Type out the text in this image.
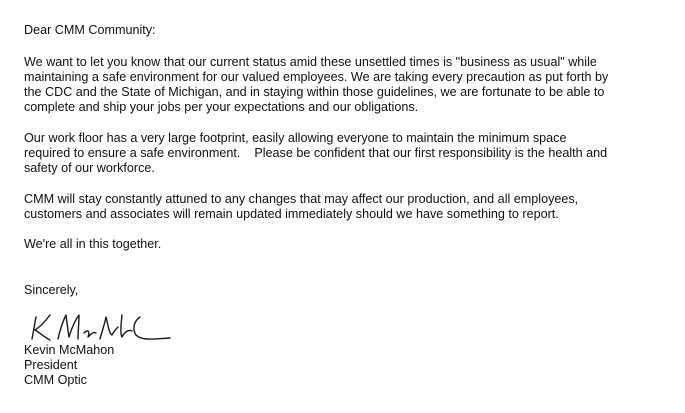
Dear CMM Community:
We want to let you know that our current status amid these unsettled times is "business as usual" while
maintaining a safe environment for our valued employees. We are taking every precaution as put forth by
the CDC and the State of Michigan, and in staying within those guidelines, we are fortunate to be able to
complete and ship your jobs per your expectations and our obligations.
Our work floor has a very large footprint, easily allowing everyone to maintain the minimum space
required to ensure a safe environment.    Please be confident that our first responsibility is the health and
safety of our workforce.
CMM will stay constantly attuned to any changes that may affect our production, and all employees,
customers and associates will remain updated immediately should we have something to report.
We're all in this together.
Sincerely,
Kevin McMahon
President
CMM Optic
